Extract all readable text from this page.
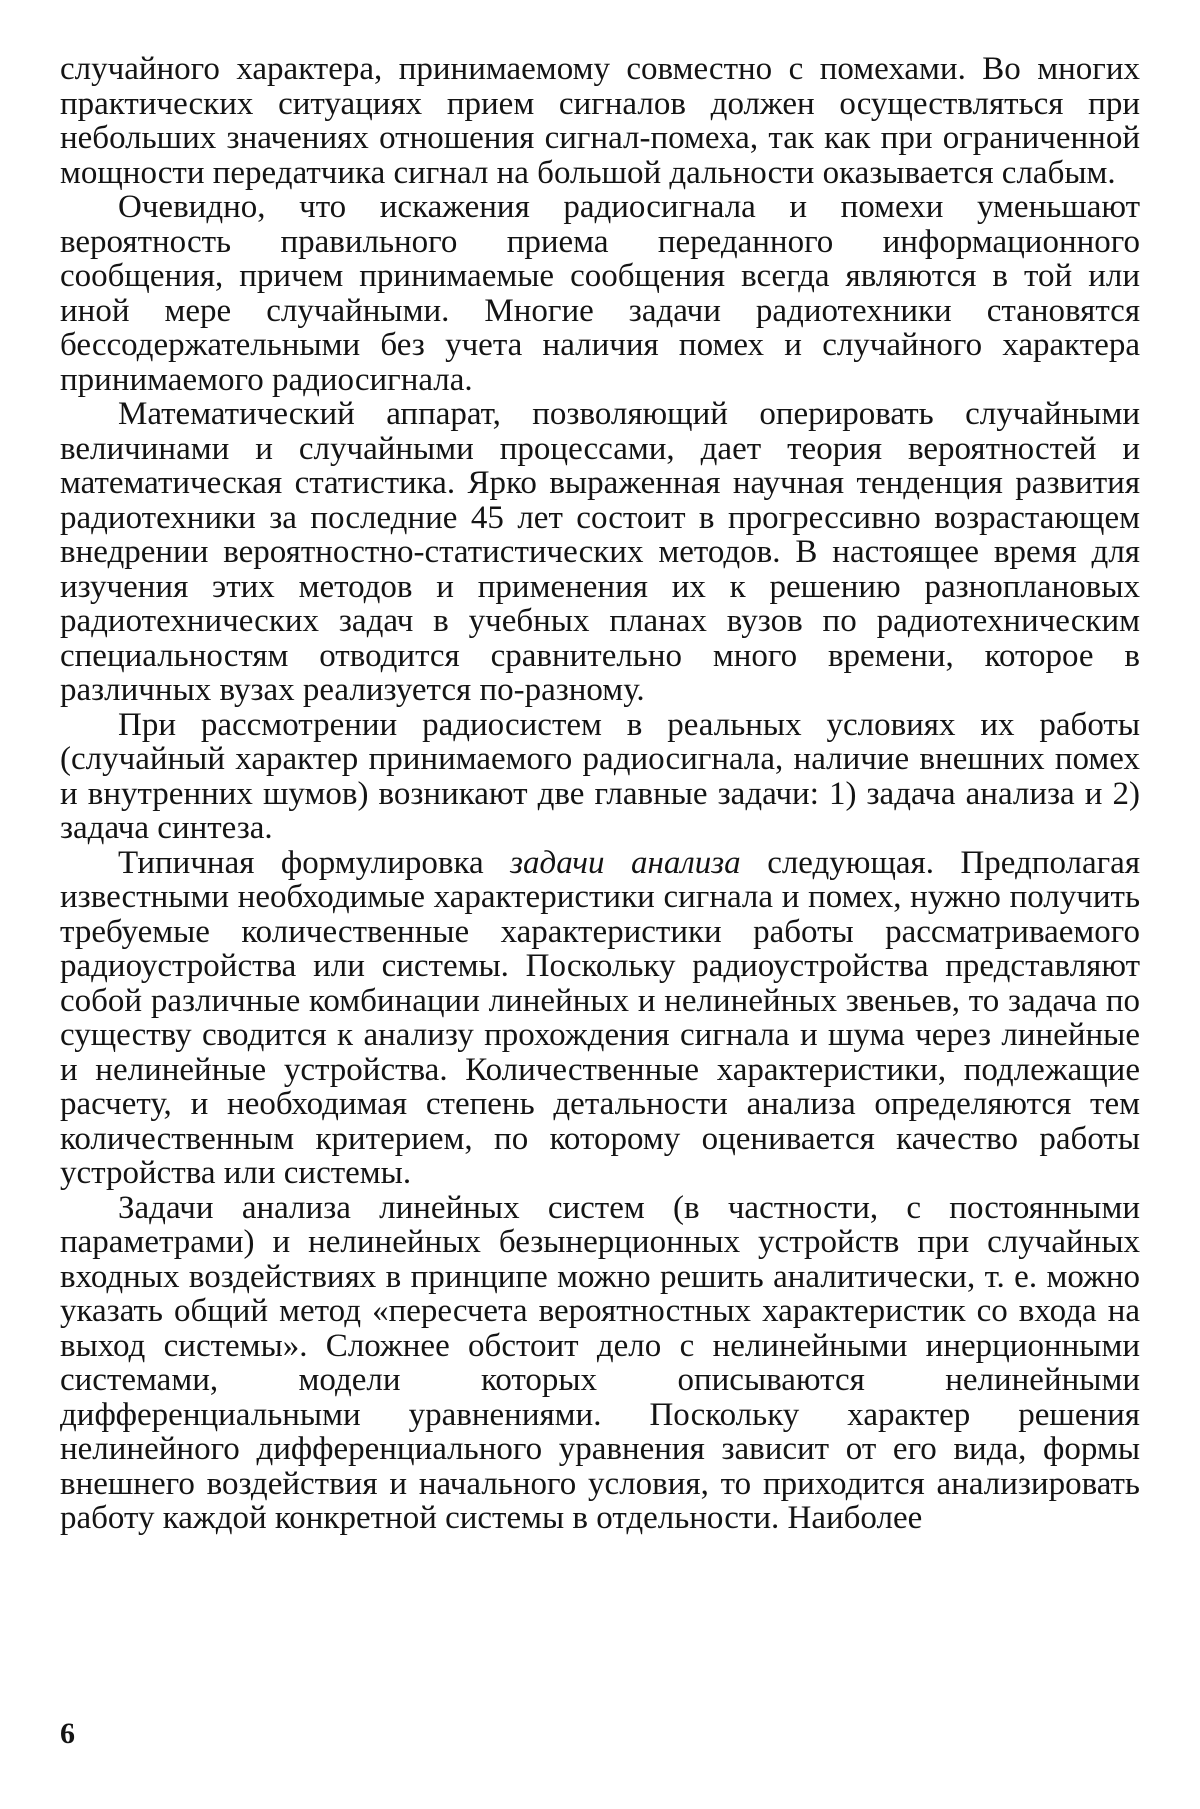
случайного характера, принимаемому совместно с помехами. Во многих практических ситуациях прием сигналов должен осуществляться при небольших значениях отношения сигнал-помеха, так как при ограниченной мощности передатчика сигнал на большой дальности оказывается слабым.

Очевидно, что искажения радиосигнала и помехи уменьшают вероятность правильного приема переданного информационного сообщения, причем принимаемые сообщения всегда являются в той или иной мере случайными. Многие задачи радиотехники становятся бессодержательными без учета наличия помех и случайного характера принимаемого радиосигнала.

Математический аппарат, позволяющий оперировать случайными величинами и случайными процессами, дает теория вероятностей и математическая статистика. Ярко выраженная научная тенденция развития радиотехники за последние 45 лет состоит в прогрессивно возрастающем внедрении вероятностно-статистических методов. В настоящее время для изучения этих методов и применения их к решению разноплановых радиотехнических задач в учебных планах вузов по радиотехническим специальностям отводится сравнительно много времени, которое в различных вузах реализуется по-разному.

При рассмотрении радиосистем в реальных условиях их работы (случайный характер принимаемого радиосигнала, наличие внешних помех и внутренних шумов) возникают две главные задачи: 1) задача анализа и 2) задача синтеза.

Типичная формулировка задачи анализа следующая. Предполагая известными необходимые характеристики сигнала и помех, нужно получить требуемые количественные характеристики работы рассматриваемого радиоустройства или системы. Поскольку радиоустройства представляют собой различные комбинации линейных и нелинейных звеньев, то задача по существу сводится к анализу прохождения сигнала и шума через линейные и нелинейные устройства. Количественные характеристики, подлежащие расчету, и необходимая степень детальности анализа определяются тем количественным критерием, по которому оценивается качество работы устройства или системы.

Задачи анализа линейных систем (в частности, с постоянными параметрами) и нелинейных безынерционных устройств при случайных входных воздействиях в принципе можно решить аналитически, т. е. можно указать общий метод «пересчета вероятностных характеристик со входа на выход системы». Сложнее обстоит дело с нелинейными инерционными системами, модели которых описываются нелинейными дифференциальными уравнениями. Поскольку характер решения нелинейного дифференциального уравнения зависит от его вида, формы внешнего воздействия и начального условия, то приходится анализировать работу каждой конкретной системы в отдельности. Наиболее

6
